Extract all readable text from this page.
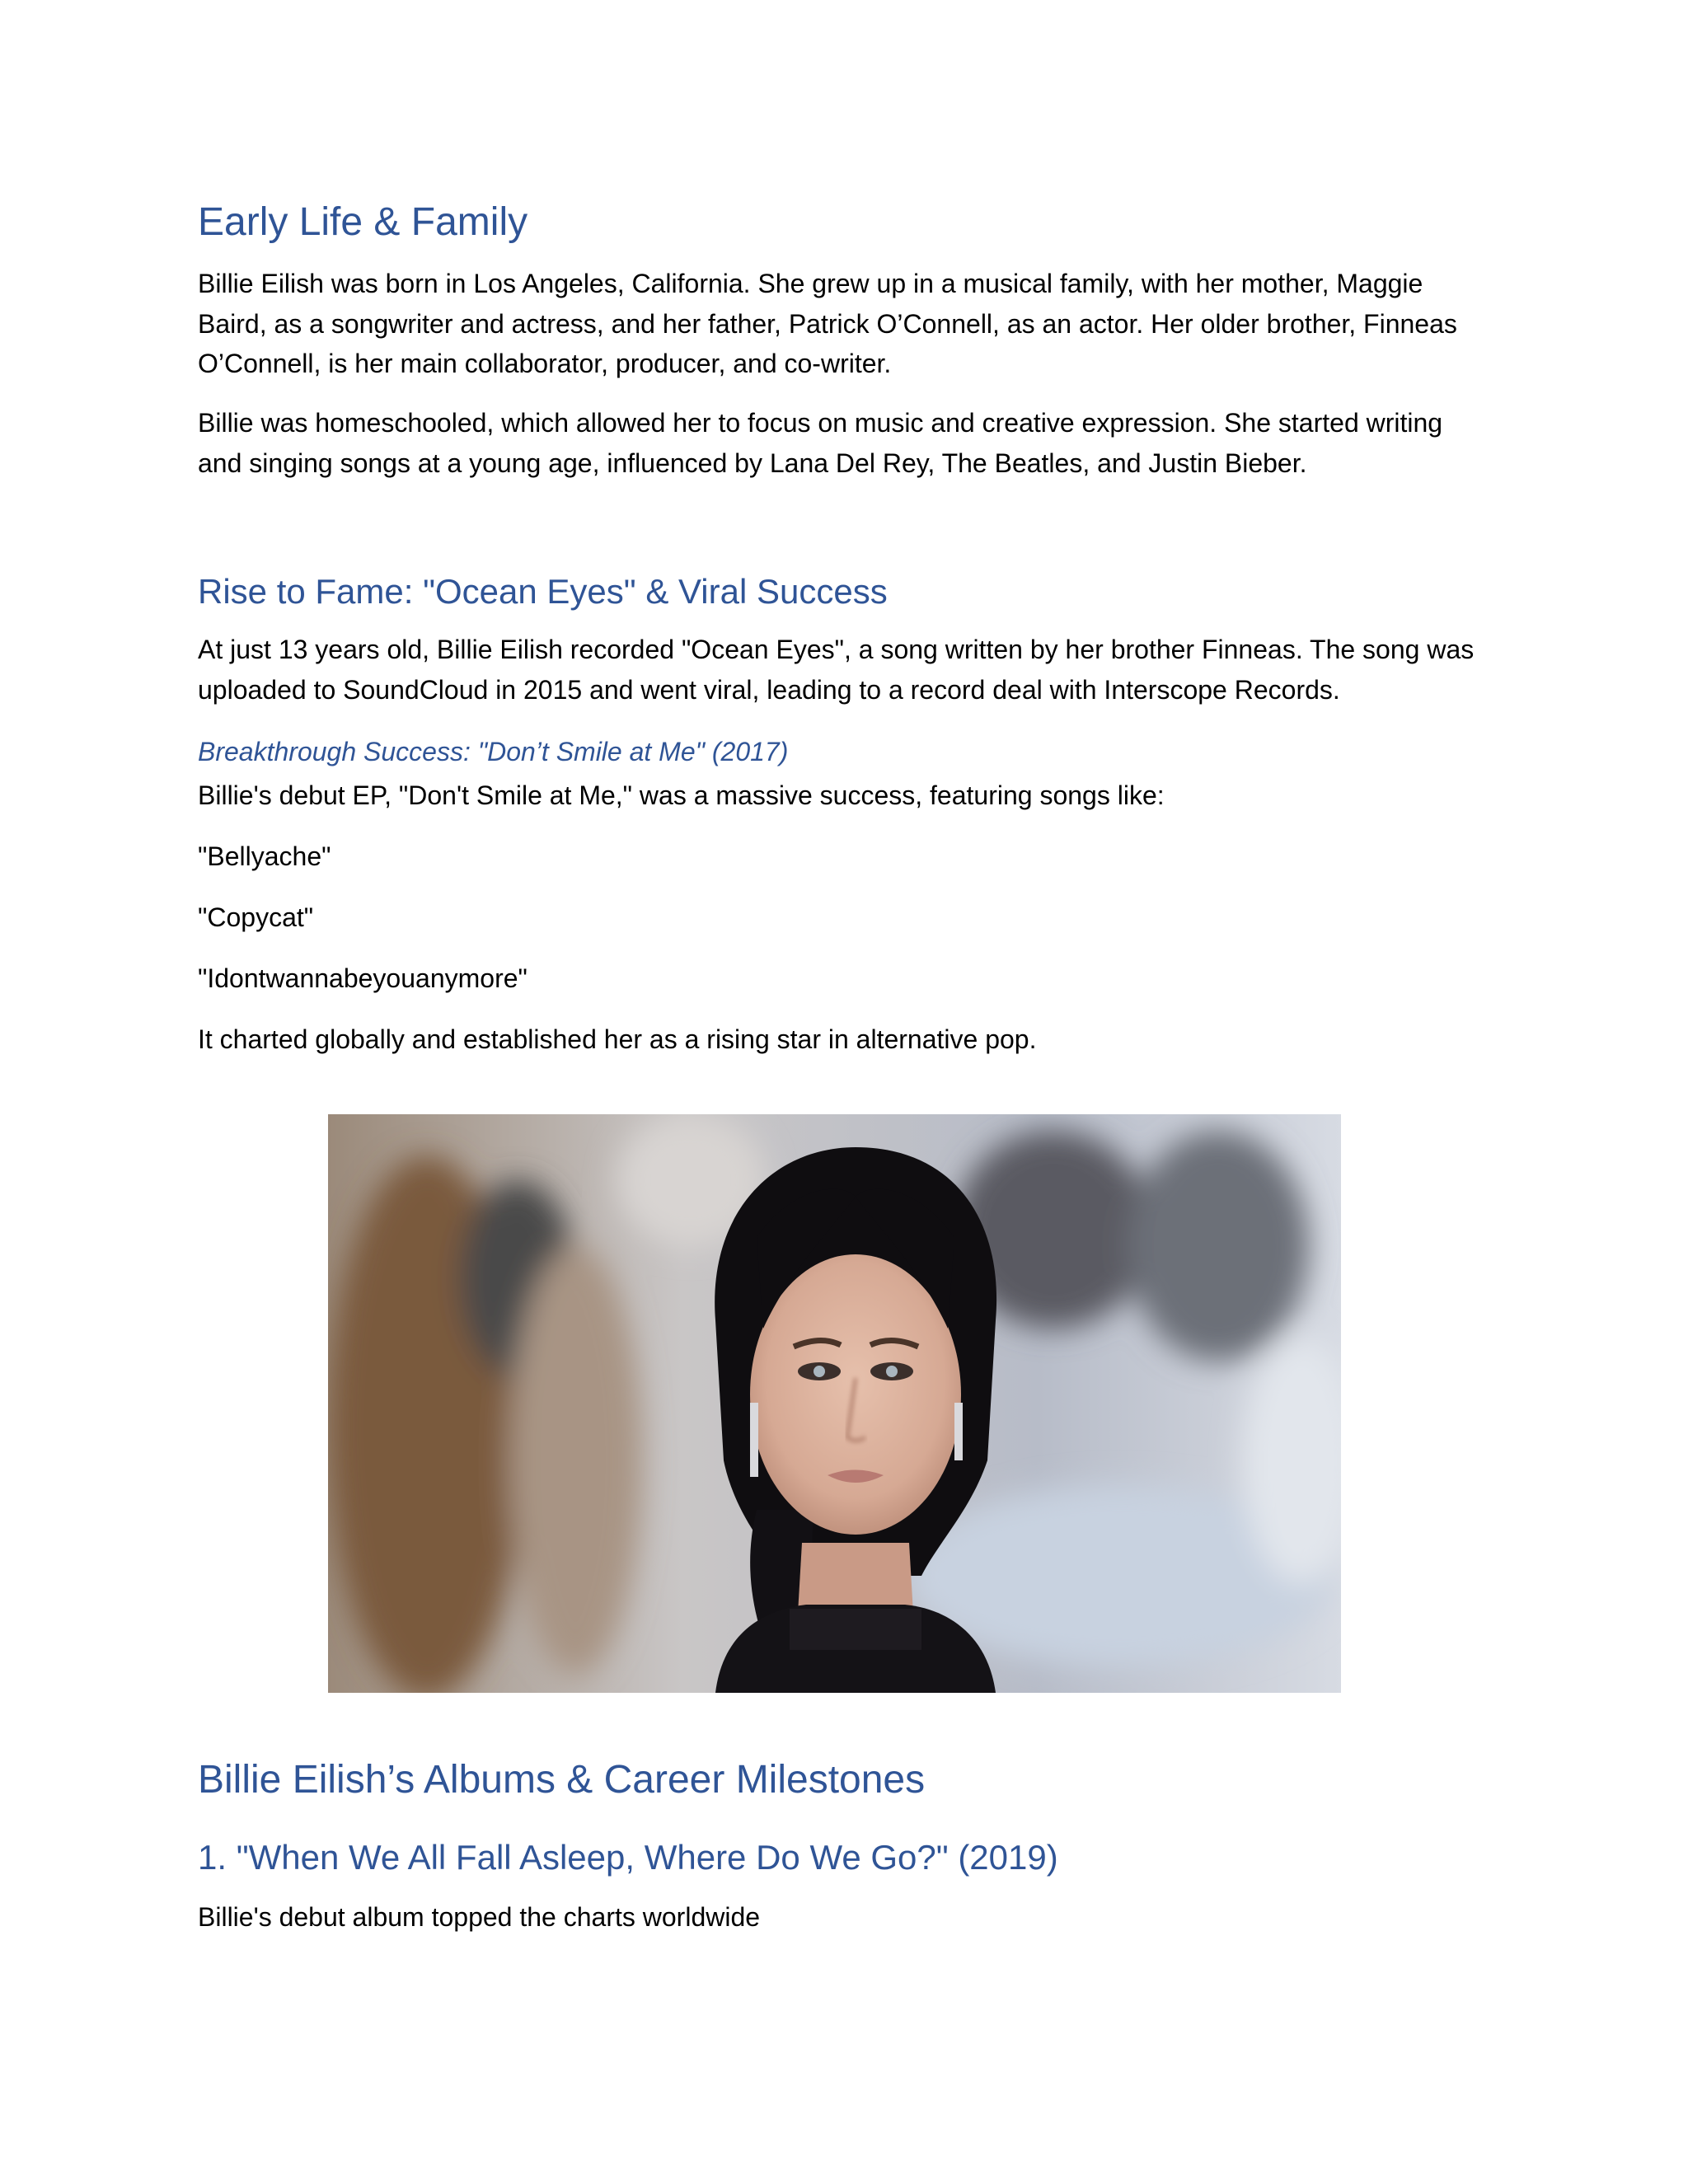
Early Life & Family
Billie Eilish was born in Los Angeles, California. She grew up in a musical family, with her mother, Maggie Baird, as a songwriter and actress, and her father, Patrick O’Connell, as an actor. Her older brother, Finneas O’Connell, is her main collaborator, producer, and co-writer.
Billie was homeschooled, which allowed her to focus on music and creative expression. She started writing and singing songs at a young age, influenced by Lana Del Rey, The Beatles, and Justin Bieber.
Rise to Fame: "Ocean Eyes" & Viral Success
At just 13 years old, Billie Eilish recorded "Ocean Eyes", a song written by her brother Finneas. The song was uploaded to SoundCloud in 2015 and went viral, leading to a record deal with Interscope Records.
Breakthrough Success: "Don’t Smile at Me" (2017)
Billie's debut EP, "Don't Smile at Me," was a massive success, featuring songs like:
"Bellyache"
"Copycat"
"Idontwannabeyouanymore"
It charted globally and established her as a rising star in alternative pop.
Billie Eilish’s Albums & Career Milestones
1. "When We All Fall Asleep, Where Do We Go?" (2019)
Billie's debut album topped the charts worldwide
